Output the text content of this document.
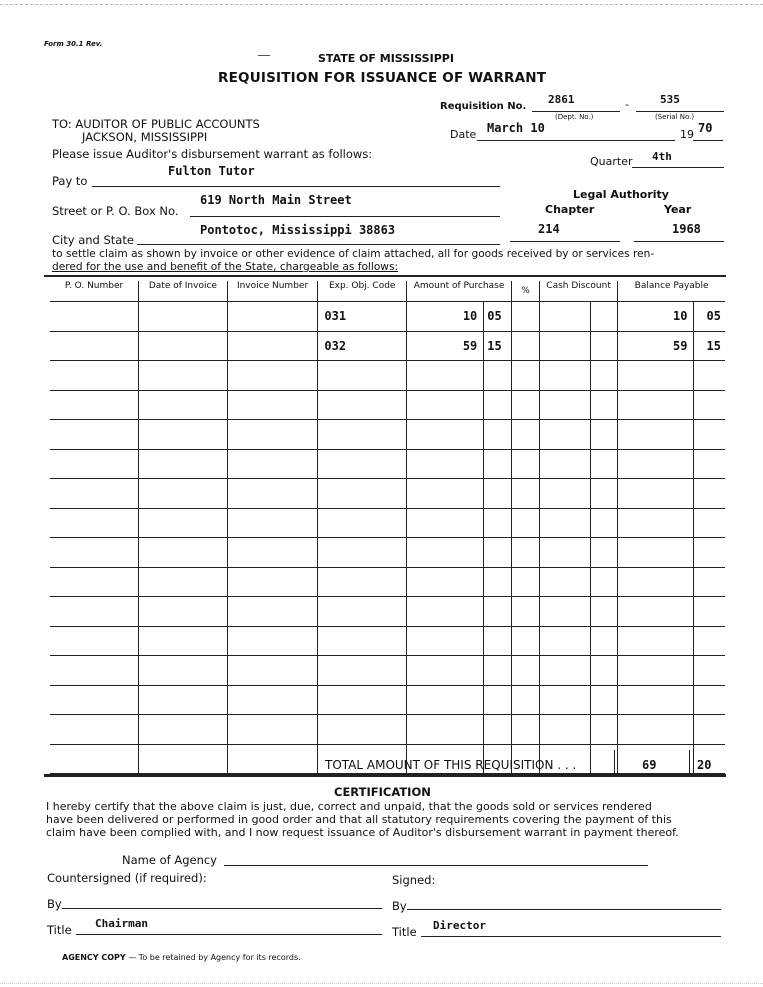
Form 30.1 Rev.
STATE OF MISSISSIPPI
REQUISITION FOR ISSUANCE OF WARRANT
Requisition No.
2861	-	535
(Dept. No.)	(Serial No.)
TO: AUDITOR OF PUBLIC ACCOUNTS
JACKSON, MISSISSIPPI	Date March 10	19 70
Please issue Auditor's disbursement warrant as follows:
Quarter 4th
Pay to
Fulton Tutor
Legal Authority
Chapter	Year
Street or P. O. Box No.
619 North Main Street
City and State
Pontotoc, Mississippi 38863	214	1968
to settle claim as shown by invoice or other evidence of claim attached, all for goods received by or services ren-
dered for the use and benefit of the State, chargeable as follows:
P. O. Number	Date of Invoice	Invoice Number	Exp. Obj. Code	Amount of Purchase		%	Cash Discount		Balance Payable	
			031	10	05				10	05
			032	59	15				59	15

TOTAL AMOUNT OF THIS REQUISITION . . .	69	20
CERTIFICATION
I hereby certify that the above claim is just, due, correct and unpaid, that the goods sold or services rendered
have been delivered or performed in good order and that all statutory requirements covering the payment of this
claim have been complied with, and I now request issuance of Auditor's disbursement warrant in payment thereof.
Name of Agency
Countersigned (if required):	Signed:
By	By
Title Chairman
Title Director
AGENCY COPY — To be retained by Agency for its records.
